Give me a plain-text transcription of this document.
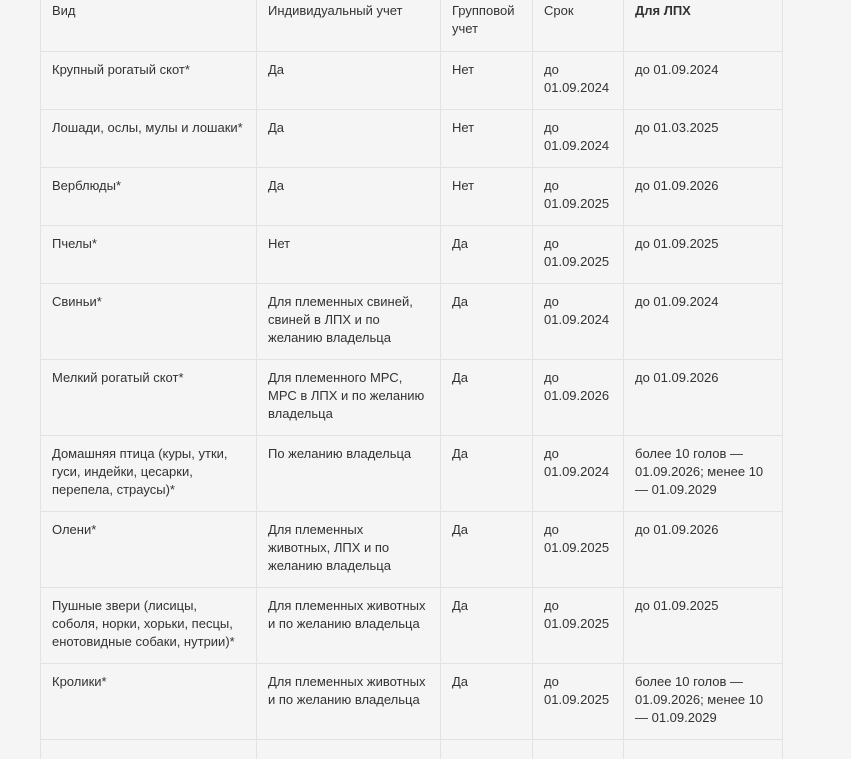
Вид	Индивидуальный учет	Групповой учет	Срок	Для ЛПХ
Крупный рогатый скот*	Да	Нет	до 01.09.2024	до 01.09.2024
Лошади, ослы, мулы и лошаки*	Да	Нет	до 01.09.2024	до 01.03.2025
Верблюды*	Да	Нет	до 01.09.2025	до 01.09.2026
Пчелы*	Нет	Да	до 01.09.2025	до 01.09.2025
Свиньи*	Для племенных свиней, свиней в ЛПХ и по желанию владельца	Да	до 01.09.2024	до 01.09.2024
Мелкий рогатый скот*	Для племенного МРС, МРС в ЛПХ и по желанию владельца	Да	до 01.09.2026	до 01.09.2026
Домашняя птица (куры, утки, гуси, индейки, цесарки, перепела, страусы)*	По желанию владельца	Да	до 01.09.2024	более 10 голов — 01.09.2026; менее 10 — 01.09.2029
Олени*	Для племенных животных, ЛПХ и по желанию владельца	Да	до 01.09.2025	до 01.09.2026
Пушные звери (лисицы, соболя, норки, хорьки, песцы, енотовидные собаки, нутрии)*	Для племенных животных и по желанию владельца	Да	до 01.09.2025	до 01.09.2025
Кролики*	Для племенных животных и по желанию владельца	Да	до 01.09.2025	более 10 голов — 01.09.2026; менее 10 — 01.09.2029
